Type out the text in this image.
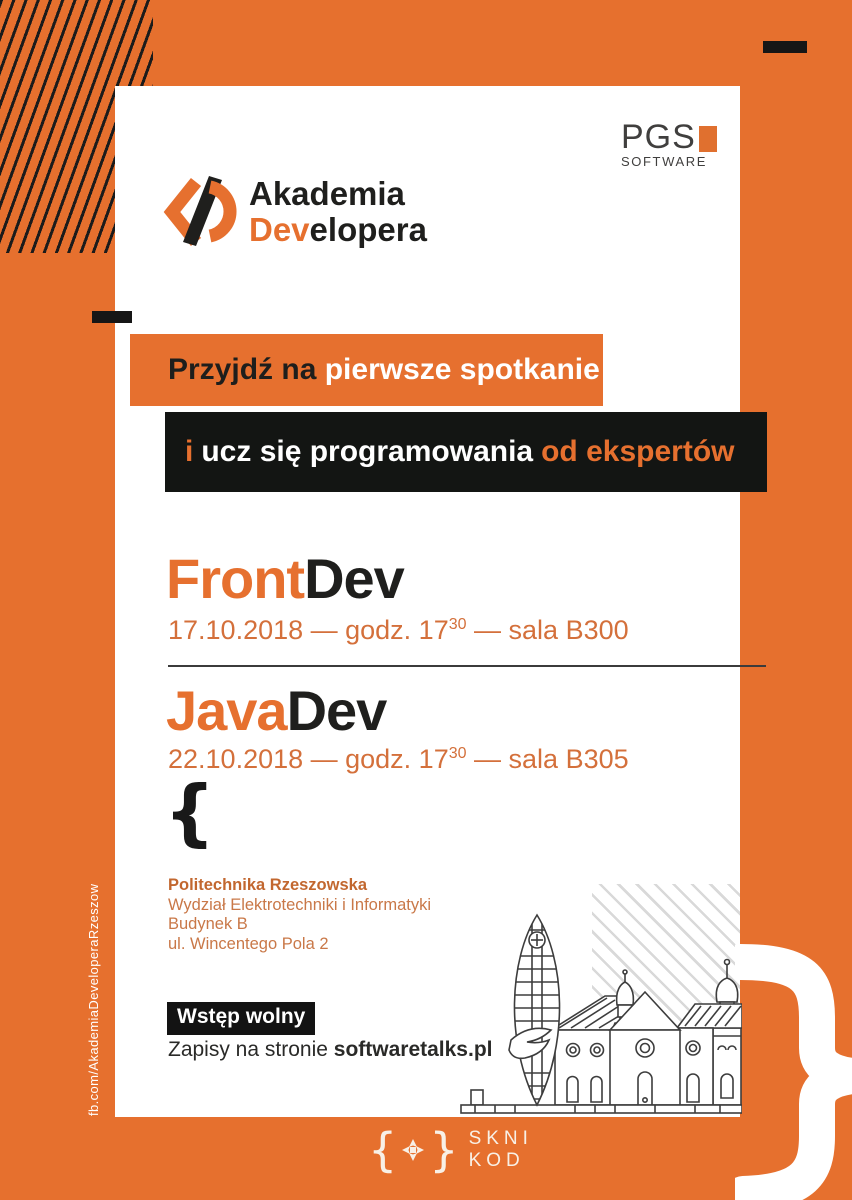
Akademia
Developera
PGS
SOFTWARE
Przyjdź na
pierwsze spotkanie
i ucz się programowania od ekspertów
FrontDev
17.10.2018 — godz. $17^{30}$ — sala B300
JavaDev
22.10.2018 — godz. $17^{30}$ — sala B305
{
Politechnika Rzeszowska
Wydział Elektrotechniki i Informatyki
Budynek B
ul. Wincentego Pola 2
Wstęp wolny
Zapisy na stronie softwaretalks.pl
fb.com/AkademiaDeveloperaRzeszow
{ } SKNI
KOD
